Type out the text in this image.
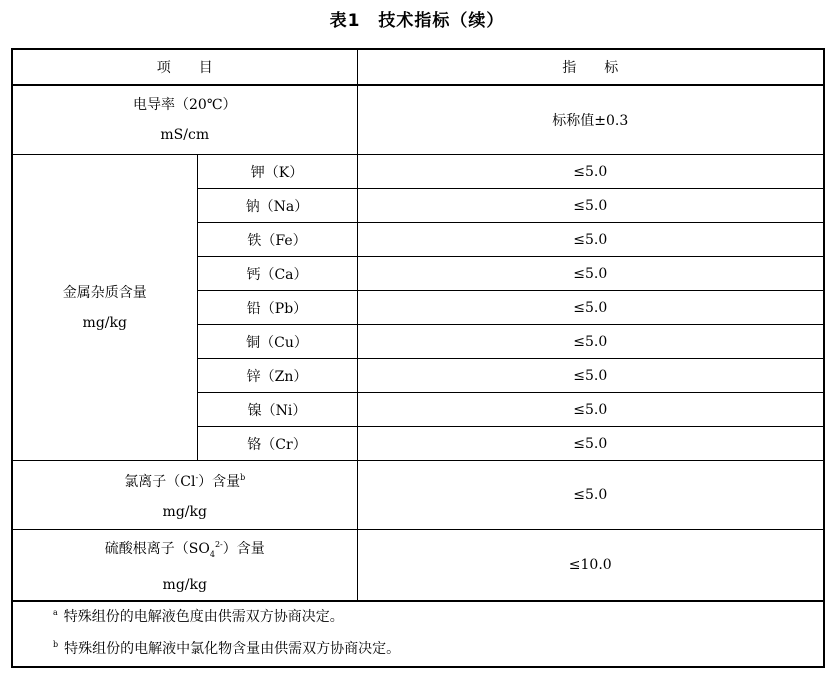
表1　技术指标（续）
项　　目		指　　标

电导率（20℃）
mS/cm		标称值±0.3

金属杂质含量
mg/kg	钾（K）	≤5.0
	钠（Na）	≤5.0
	铁（Fe）	≤5.0
	钙（Ca）	≤5.0
	铅（Pb）	≤5.0
	铜（Cu）	≤5.0
	锌（Zn）	≤5.0
	镍（Ni）	≤5.0
	铬（Cr）	≤5.0

氯离子（Cl-）含量$^b$
mg/kg		≤5.0

硫酸根离子$(SO_4^{2-})$含量
mg/kg		≤10.0

$^a$ 特殊组份的电解液色度由供需双方协商决定。
$^b$ 特殊组份的电解液中氯化物含量由供需双方协商决定。		
